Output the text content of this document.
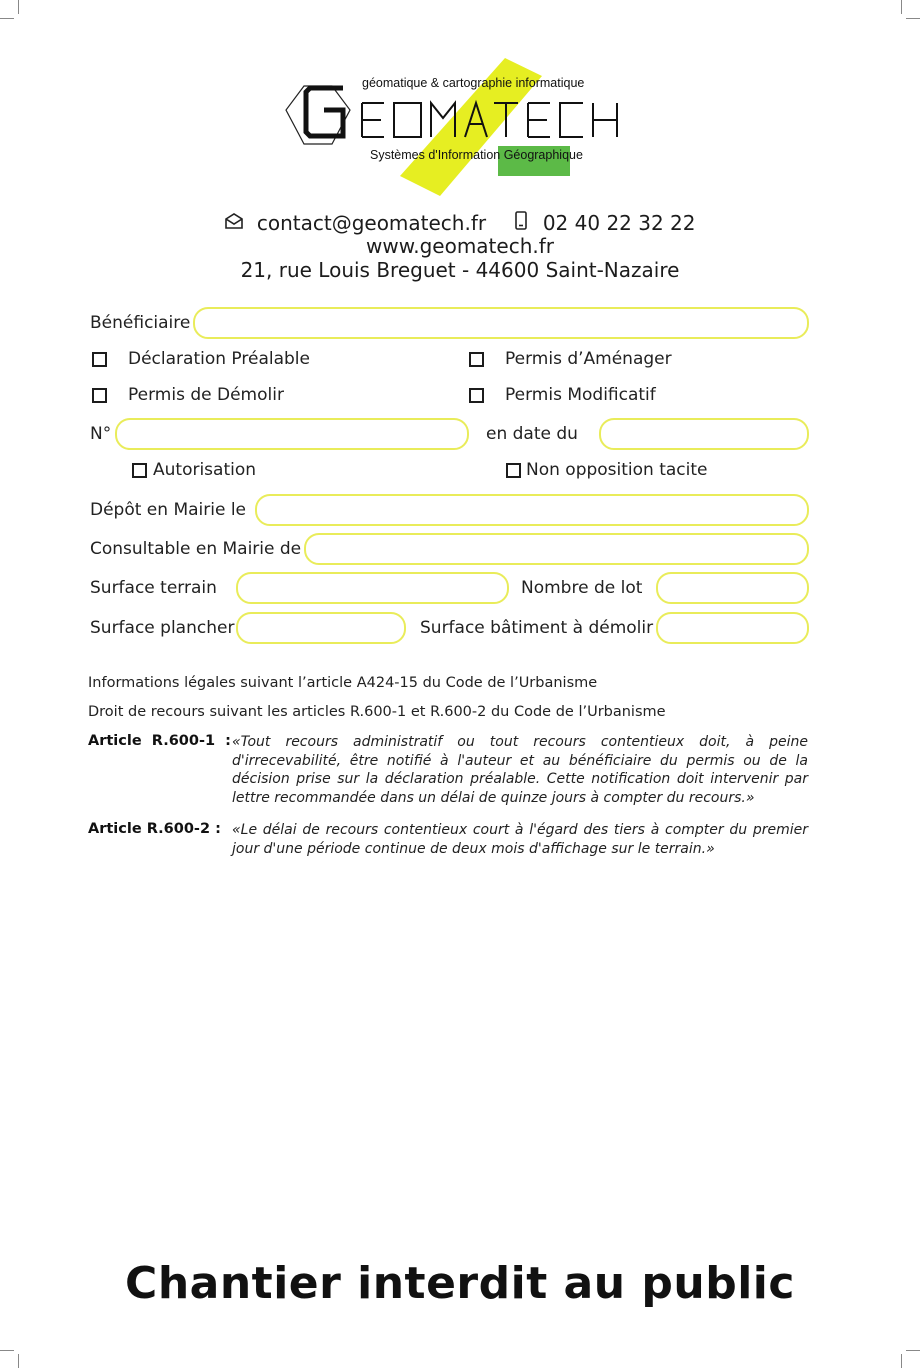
géomatique & cartographie informatique
Systèmes d'Information Géographique
contact@geomatech.fr	02 40 22 32 22
www.geomatech.fr
21, rue Louis Breguet - 44600 Saint-Nazaire
Bénéficiaire
Déclaration Préalable	Permis d’Aménager
Permis de Démolir	Permis Modificatif
N°	en date du
Autorisation	Non opposition tacite
Dépôt en Mairie le
Consultable en Mairie de
Surface terrain	Nombre de lot
Surface plancher	Surface bâtiment à démolir
Informations légales suivant l’article A424-15 du Code de l’Urbanisme
Droit de recours suivant les articles R.600-1 et R.600-2 du Code de l’Urbanisme
Article  R.600-1  : «Tout recours administratif ou tout recours contentieux doit, à peine d'irrecevabilité, être notifié à l'auteur et au bénéficiaire du permis ou de la décision prise sur la déclaration préalable. Cette notification doit intervenir par lettre recommandée dans un délai de quinze jours à compter du recours.»
Article R.600-2 : «Le délai de recours contentieux court à l'égard des tiers à compter du premier jour d'une période continue de deux mois d'affichage sur le terrain.»
Chantier interdit au public
